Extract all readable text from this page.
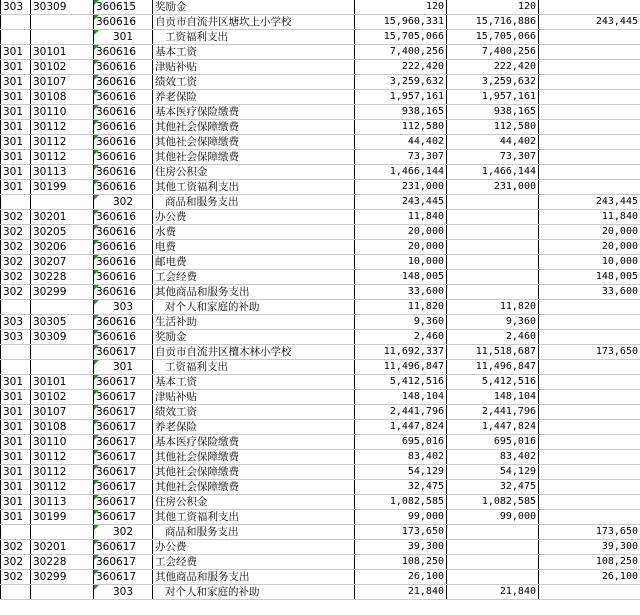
303	30309	360615	奖励金	120	120	
		360616	自贡市自流井区塘坎上小学校	15,960,331	15,716,886	243,445
		301	工资福利支出	15,705,066	15,705,066	
301	30101	360616	基本工资	7,400,256	7,400,256	
301	30102	360616	津贴补贴	222,420	222,420	
301	30107	360616	绩效工资	3,259,632	3,259,632	
301	30108	360616	养老保险	1,957,161	1,957,161	
301	30110	360616	基本医疗保险缴费	938,165	938,165	
301	30112	360616	其他社会保障缴费	112,580	112,580	
301	30112	360616	其他社会保障缴费	44,402	44,402	
301	30112	360616	其他社会保障缴费	73,307	73,307	
301	30113	360616	住房公积金	1,466,144	1,466,144	
301	30199	360616	其他工资福利支出	231,000	231,000	
		302	商品和服务支出	243,445		243,445
302	30201	360616	办公费	11,840		11,840
302	30205	360616	水费	20,000		20,000
302	30206	360616	电费	20,000		20,000
302	30207	360616	邮电费	10,000		10,000
302	30228	360616	工会经费	148,005		148,005
302	30299	360616	其他商品和服务支出	33,600		33,600
		303	对个人和家庭的补助	11,820	11,820	
303	30305	360616	生活补助	9,360	9,360	
303	30309	360616	奖励金	2,460	2,460	
		360617	自贡市自流井区檀木林小学校	11,692,337	11,518,687	173,650
		301	工资福利支出	11,496,847	11,496,847	
301	30101	360617	基本工资	5,412,516	5,412,516	
301	30102	360617	津贴补贴	148,104	148,104	
301	30107	360617	绩效工资	2,441,796	2,441,796	
301	30108	360617	养老保险	1,447,824	1,447,824	
301	30110	360617	基本医疗保险缴费	695,016	695,016	
301	30112	360617	其他社会保障缴费	83,402	83,402	
301	30112	360617	其他社会保障缴费	54,129	54,129	
301	30112	360617	其他社会保障缴费	32,475	32,475	
301	30113	360617	住房公积金	1,082,585	1,082,585	
301	30199	360617	其他工资福利支出	99,000	99,000	
		302	商品和服务支出	173,650		173,650
302	30201	360617	办公费	39,300		39,300
302	30228	360617	工会经费	108,250		108,250
302	30299	360617	其他商品和服务支出	26,100		26,100
		303	对个人和家庭的补助	21,840	21,840	
